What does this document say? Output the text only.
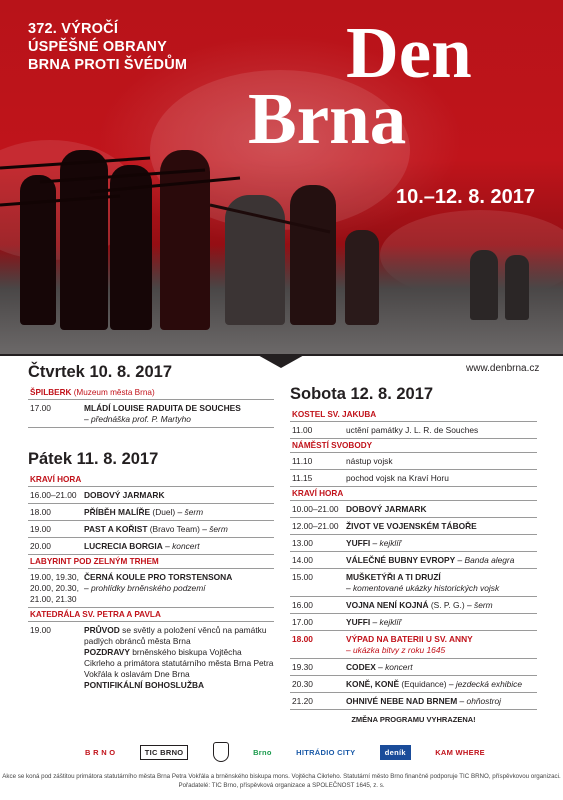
372. VÝROČÍ
ÚSPĚŠNÉ OBRANY
BRNA PROTI ŠVÉDŮM	Den
Brna
10.–12. 8. 2017
www.denbrna.cz
Čtvrtek 10. 8. 2017
ŠPILBERK (Muzeum města Brna)
17.00	MLÁDÍ LOUISE RADUITA DE SOUCHES
– přednáška prof. P. Martyho
Pátek 11. 8. 2017
KRAVÍ HORA
16.00–21.00 DOBOVÝ JARMARK
18.00	PŘÍBĚH MALÍŘE (Duel) – šerm
19.00	PAST A KOŘIST (Bravo Team) – šerm
20.00	LUCRECIA BORGIA – koncert
LABYRINT POD ZELNÝM TRHEM
19.00, 19.30,
20.00, 20.30,
21.00, 21.30
ČERNÁ KOULE PRO TORSTENSONA
– prohlídky brněnského podzemí
KATEDRÁLA SV. PETRA A PAVLA
19.00	PRŮVOD se světly a položení věnců na památku padlých obránců města Brna
POZDRAVY brněnského biskupa Vojtěcha Cikrleho a primátora statutárního města Brna Petra Vokřála k oslavám Dne Brna
PONTIFIKÁLNÍ BOHOSLUŽBA
Sobota 12. 8. 2017
KOSTEL SV. JAKUBA
11.00	uctění památky J. L. R. de Souches
NÁMĚSTÍ SVOBODY
11.10	nástup vojsk
11.15	pochod vojsk na Kraví Horu
KRAVÍ HORA
10.00–21.00 DOBOVÝ JARMARK
12.00–21.00 ŽIVOT VE VOJENSKÉM TÁBOŘE
13.00	YUFFI – kejklíř
14.00	VÁLEČNÉ BUBNY EVROPY – Banda alegra
15.00	MUŠKETÝŘI A TI DRUZÍ
– komentované ukázky historických vojsk
16.00	VOJNA NENÍ KOJNÁ (S. P. G.) – šerm
17.00	YUFFI – kejklíř
18.00	VÝPAD NA BATERII U SV. ANNY
– ukázka bitvy z roku 1645
19.30	CODEX – koncert
20.30	KONĚ, KONĚ (Equidance) – jezdecká exhibice
21.20	OHNIVÉ NEBE NAD BRNEM – ohňostroj
ZMĚNA PROGRAMU VYHRAZENA!
B R N O	TIC BRNO	Brno	HITRÁDIO CITY	deník	KAM WHERE
Akce se koná pod záštitou primátora statutárního města Brna Petra Vokřála a brněnského biskupa mons. Vojtěcha Cikrleho. Statutární město Brno finančně podporuje TIC BRNO, příspěvkovou organizaci.
Pořadatelé: TIC Brno, příspěvková organizace a SPOLEČNOST 1645, z. s.
